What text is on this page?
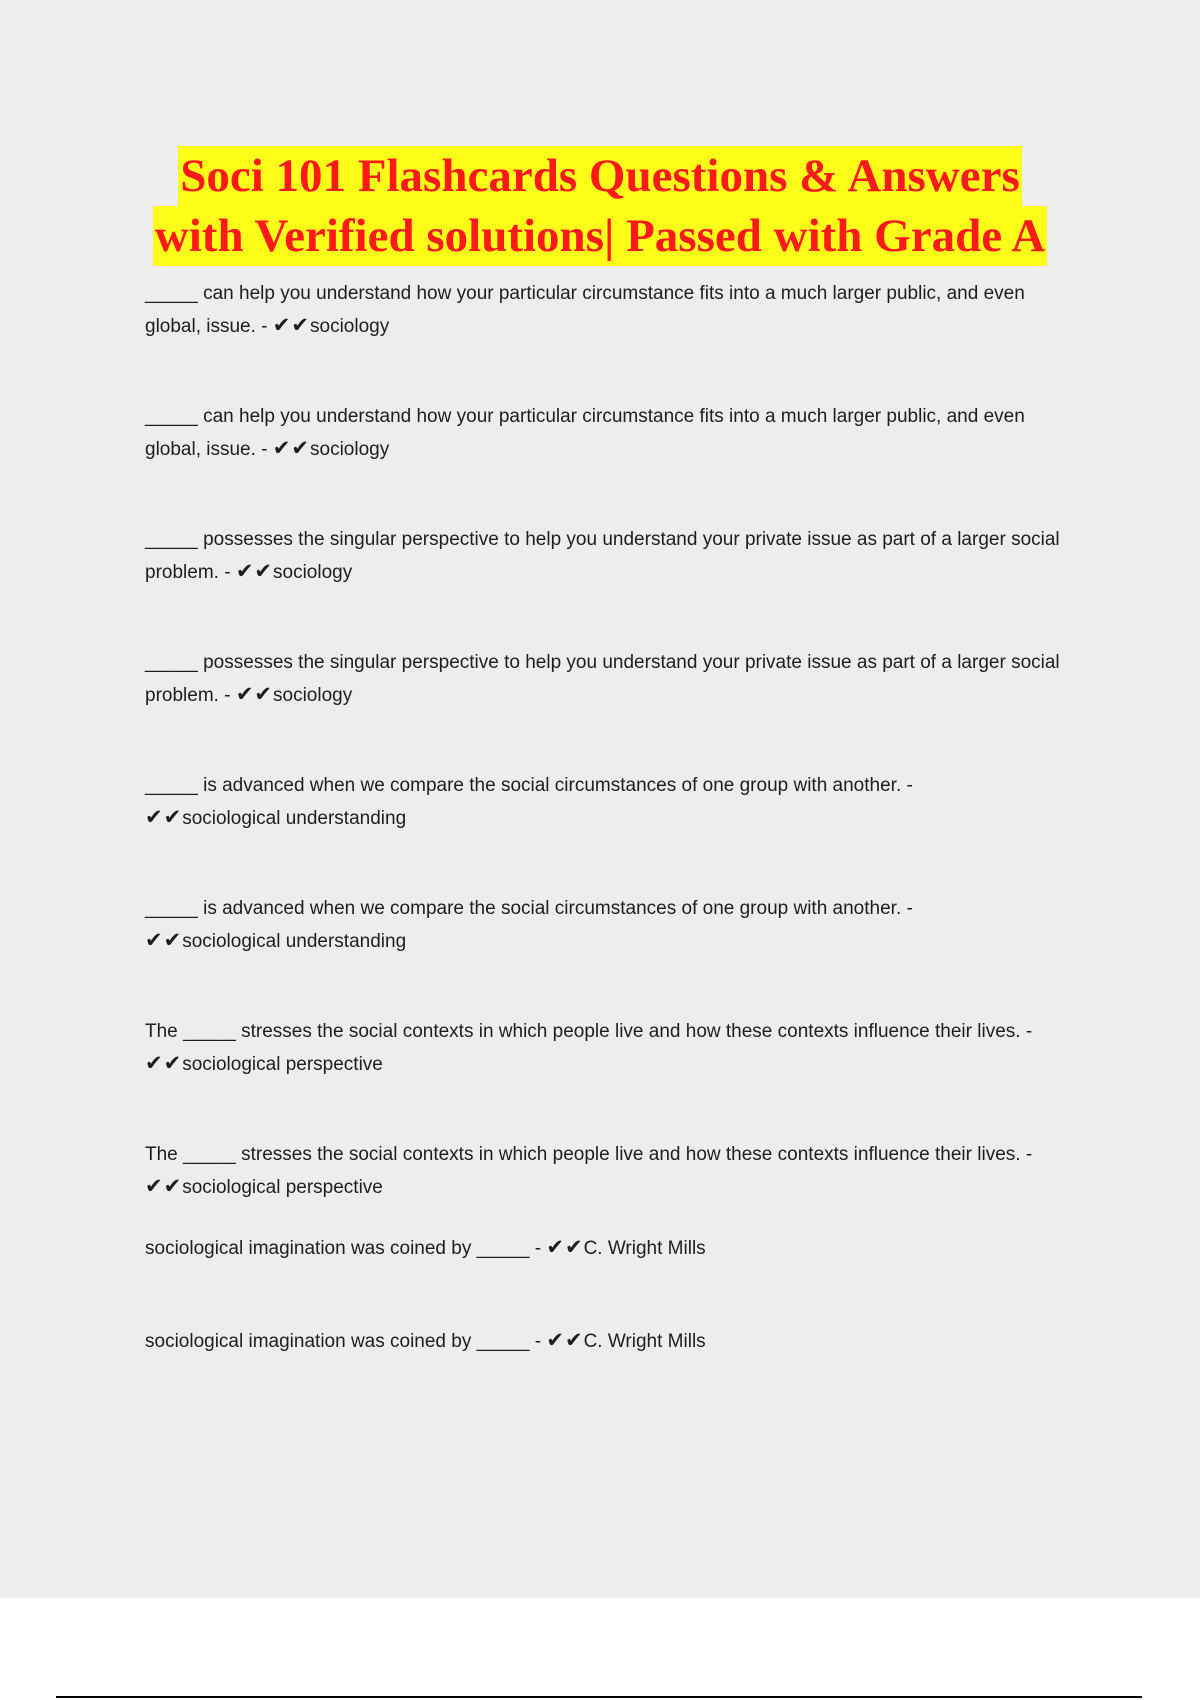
Soci 101 Flashcards Questions & Answers
with Verified solutions| Passed with Grade A
_____ can help you understand how your particular circumstance fits into a much larger public, and even global, issue. - ✔✔sociology
_____ can help you understand how your particular circumstance fits into a much larger public, and even global, issue. - ✔✔sociology
_____ possesses the singular perspective to help you understand your private issue as part of a larger social problem. - ✔✔sociology
_____ possesses the singular perspective to help you understand your private issue as part of a larger social problem. - ✔✔sociology
_____ is advanced when we compare the social circumstances of one group with another. -
✔✔sociological understanding
_____ is advanced when we compare the social circumstances of one group with another. -
✔✔sociological understanding
The _____ stresses the social contexts in which people live and how these contexts influence their lives. -
✔✔sociological perspective
The _____ stresses the social contexts in which people live and how these contexts influence their lives. -
✔✔sociological perspective
sociological imagination was coined by _____ - ✔✔C. Wright Mills
sociological imagination was coined by _____ - ✔✔C. Wright Mills
